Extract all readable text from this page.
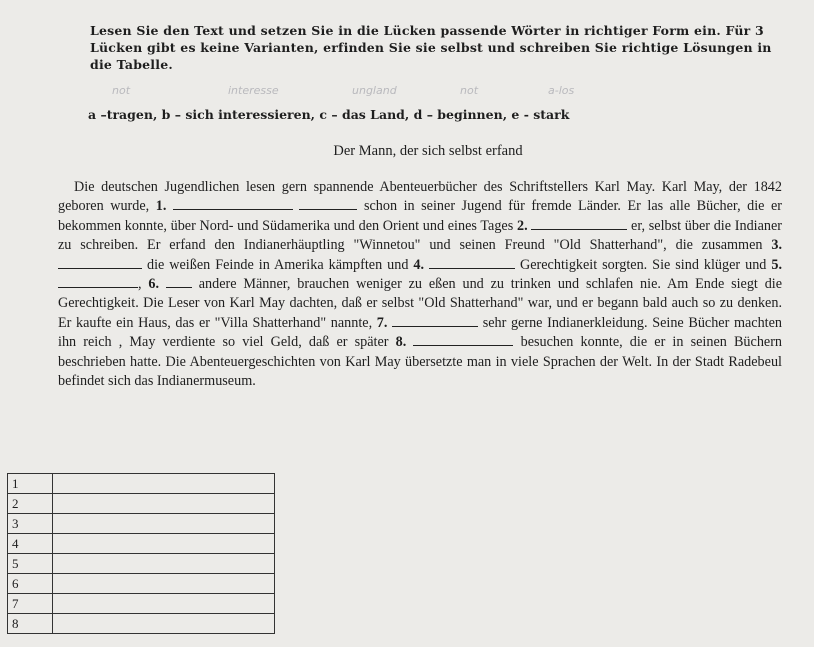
Lesen Sie den Text und setzen Sie in die Lücken passende Wörter in richtiger Form ein. Für 3 Lücken gibt es keine Varianten, erfinden Sie sie selbst und schreiben Sie richtige Lösungen in die Tabelle.
not	interesse	ungland	not	a-los
a –tragen, b – sich interessieren, c – das Land, d – beginnen, e - stark
Der Mann, der sich selbst erfand

Die deutschen Jugendlichen lesen gern spannende Abenteuerbücher des Schriftstellers Karl May. Karl May, der 1842 geboren wurde, 1.	schon in seiner Jugend für fremde Länder. Er las alle Bücher, die er bekommen konnte, über Nord- und Südamerika und den Orient und eines Tages 2.	er, selbst über die Indianer zu schreiben. Er erfand den Indianerhäuptling "Winnetou" und seinen Freund "Old Shatterhand", die zusammen 3.  die weißen Feinde in Amerika kämpften und 4.	Gerechtigkeit sorgten. Sie sind klüger und 5. , 6.	andere Männer, brauchen weniger zu eßen und zu trinken und schlafen nie. Am Ende siegt die Gerechtigkeit. Die Leser von Karl May dachten, daß er selbst "Old Shatterhand" war, und er begann bald auch so zu denken. Er kaufte ein Haus, das er "Villa Shatterhand" nannte, 7.	sehr gerne Indianerkleidung. Seine Bücher machten ihn reich , May verdiente so viel Geld, daß er später 8.	besuchen konnte, die er in seinen Büchern beschrieben hatte. Die Abenteuergeschichten von Karl May übersetzte man in viele Sprachen der Welt. In der Stadt Radebeul befindet sich das Indianermuseum.

1	
2	
3	
4	
5	
6	
7	
8	
